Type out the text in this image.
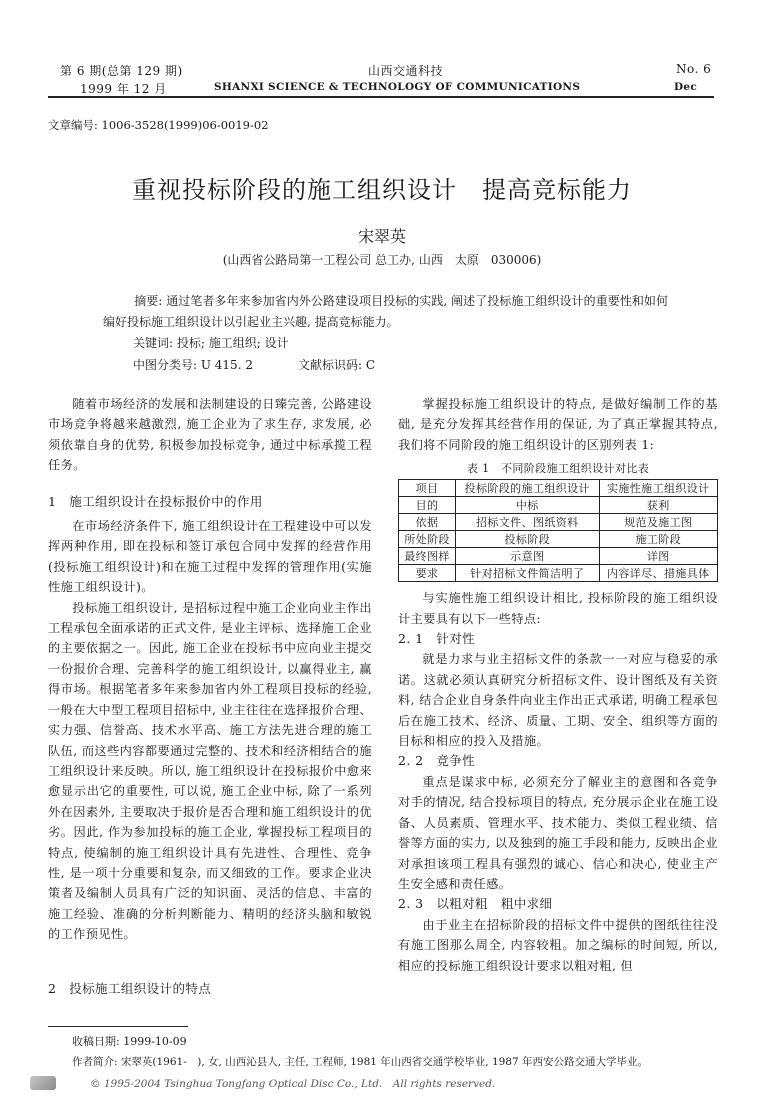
第 6 期(总第 129 期)
1999 年 12 月
山西交通科技
SHANXI SCIENCE & TECHNOLOGY OF COMMUNICATIONS
No. 6
Dec
文章编号: 1006-3528(1999)06-0019-02
重视投标阶段的施工组织设计　提高竞标能力
宋翠英
(山西省公路局第一工程公司 总工办, 山西　太原　030006)
摘要: 通过笔者多年来参加省内外公路建设项目投标的实践, 阐述了投标施工组织设计的重要性和如何编好投标施工组织设计以引起业主兴趣, 提高竞标能力。
关键词: 投标; 施工组织; 设计
中图分类号: U 415. 2	文献标识码: C

随着市场经济的发展和法制建设的日臻完善, 公路建设市场竞争将越来越激烈, 施工企业为了求生存, 求发展, 必须依靠自身的优势, 积极参加投标竞争, 通过中标承揽工程任务。

1　施工组织设计在投标报价中的作用

在市场经济条件下, 施工组织设计在工程建设中可以发挥两种作用, 即在投标和签订承包合同中发挥的经营作用(投标施工组织设计)和在施工过程中发挥的管理作用(实施性施工组织设计)。

投标施工组织设计, 是招标过程中施工企业向业主作出工程承包全面承诺的正式文件, 是业主评标、选择施工企业的主要依据之一。因此, 施工企业在投标书中应向业主提交一份报价合理、完善科学的施工组织设计, 以赢得业主, 赢得市场。根据笔者多年来参加省内外工程项目投标的经验, 一般在大中型工程项目招标中, 业主往往在选择报价合理、实力强、信誉高、技术水平高、施工方法先进合理的施工队伍, 而这些内容都要通过完整的、技术和经济相结合的施工组织设计来反映。所以, 施工组织设计在投标报价中愈来愈显示出它的重要性, 可以说, 施工企业中标, 除了一系列外在因素外, 主要取决于报价是否合理和施工组织设计的优劣。因此, 作为参加投标的施工企业, 掌握投标工程项目的特点, 使编制的施工组织设计具有先进性、合理性、竞争性, 是一项十分重要和复杂, 而又细致的工作。要求企业决策者及编制人员具有广泛的知识面、灵活的信息、丰富的施工经验、准确的分析判断能力、精明的经济头脑和敏锐的工作预见性。

2　投标施工组织设计的特点

掌握投标施工组织设计的特点, 是做好编制工作的基础, 是充分发挥其经营作用的保证, 为了真正掌握其特点, 我们将不同阶段的施工组织设计的区别列表 1:

表 1　不同阶段施工组织设计对比表
项目	投标阶段的施工组织设计	实施性施工组织设计
目的	中标	获利
依据	招标文件、图纸资料	规范及施工图
所处阶段	投标阶段	施工阶段
最终图样	示意图	详图
要求	针对招标文件简洁明了	内容详尽、措施具体

与实施性施工组织设计相比, 投标阶段的施工组织设计主要具有以下一些特点:

2. 1　针对性

就是力求与业主招标文件的条款一一对应与稳妥的承诺。这就必须认真研究分析招标文件、设计图纸及有关资料, 结合企业自身条件向业主作出正式承诺, 明确工程承包后在施工技术、经济、质量、工期、安全、组织等方面的目标和相应的投入及措施。

2. 2　竞争性

重点是谋求中标, 必须充分了解业主的意图和各竞争对手的情况, 结合投标项目的特点, 充分展示企业在施工设备、人员素质、管理水平、技术能力、类似工程业绩、信誉等方面的实力, 以及独到的施工手段和能力, 反映出企业对承担该项工程具有强烈的诚心、信心和决心, 使业主产生安全感和责任感。

2. 3　以粗对粗　粗中求细

由于业主在招标阶段的招标文件中提供的图纸往往没有施工图那么周全, 内容较粗。加之编标的时间短, 所以, 相应的投标施工组织设计要求以粗对粗, 但

收稿日期: 1999-10-09
作者简介: 宋翠英(1961-　), 女, 山西沁县人, 主任, 工程师, 1981 年山西省交通学校毕业, 1987 年西安公路交通大学毕业。
© 1995-2004 Tsinghua Tongfang Optical Disc Co., Ltd.　All rights reserved.
